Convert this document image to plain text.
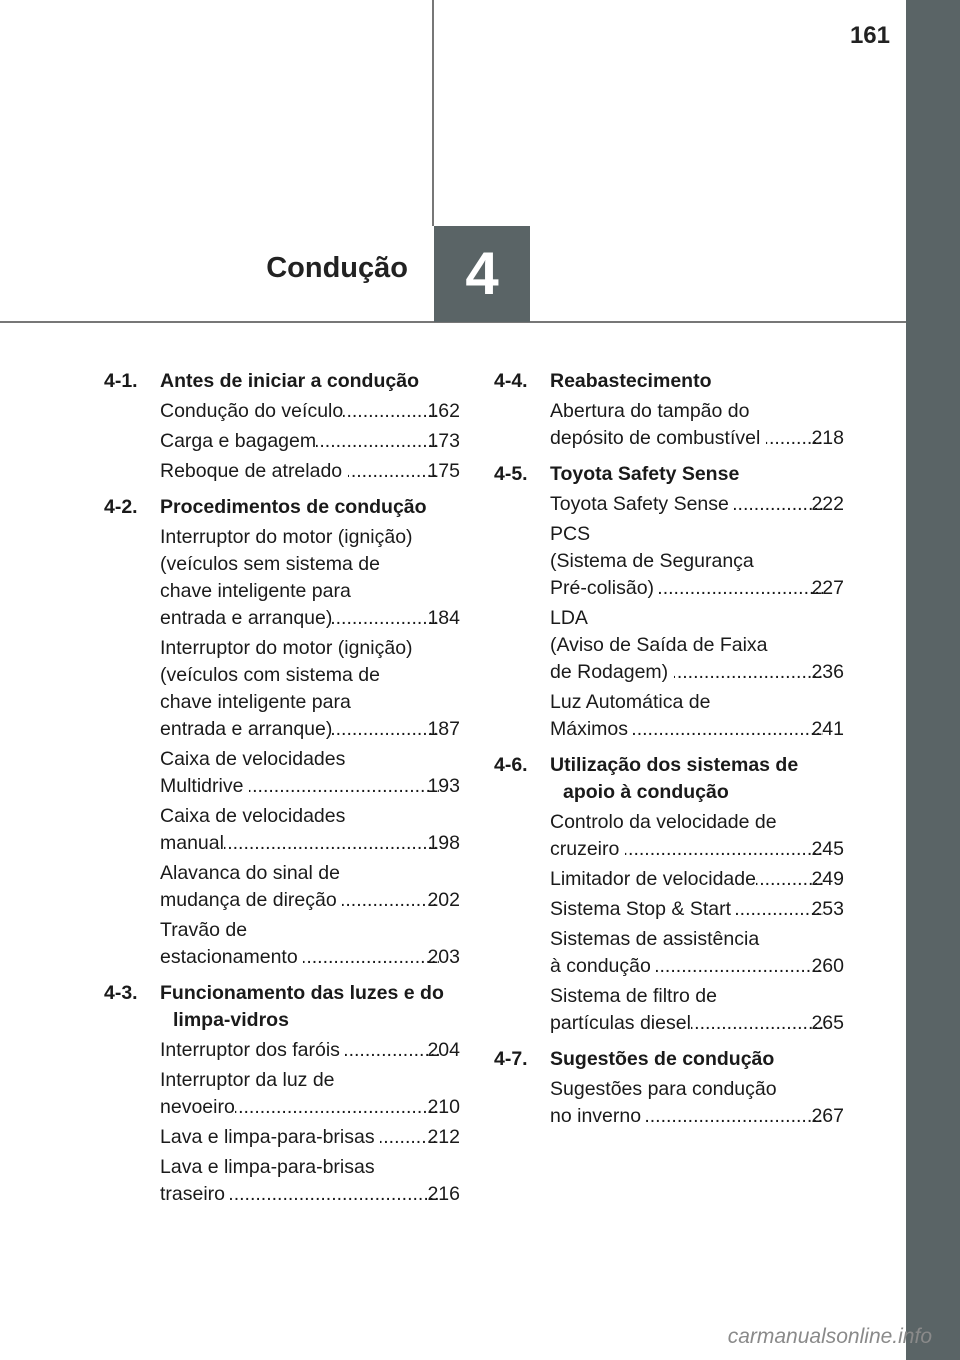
161
Condução 4
4-1. Antes de iniciar a condução
Condução do veículo .....	162
Carga e bagagem .....	173
Reboque de atrelado .....	175
4-2. Procedimentos de condução
Interruptor do motor (ignição)
(veículos sem sistema de
chave inteligente para
entrada e arranque) .....	184
Interruptor do motor (ignição)
(veículos com sistema de
chave inteligente para
entrada e arranque) .....	187
Caixa de velocidades
Multidrive .....	193
Caixa de velocidades
manual .....	198
Alavanca do sinal de
mudança de direção .....	202
Travão de
estacionamento .....	203
4-3. Funcionamento das luzes e do limpa-vidros
Interruptor dos faróis .....	204
Interruptor da luz de
nevoeiro .....	210
Lava e limpa-para-brisas ..... 212
Lava e limpa-para-brisas
traseiro .....	216
4-4. Reabastecimento
Abertura do tampão do
depósito de combustível ..... 218
4-5. Toyota Safety Sense
Toyota Safety Sense .....	222
PCS
(Sistema de Segurança
Pré-colisão) .....	227
LDA
(Aviso de Saída de Faixa
de Rodagem) .....	236
Luz Automática de
Máximos .....	241
4-6. Utilização dos sistemas de apoio à condução
Controlo da velocidade de
cruzeiro .....	245
Limitador de velocidade .....	249
Sistema Stop & Start .....	253
Sistemas de assistência
à condução .....	260
Sistema de filtro de
partículas diesel .....	265
4-7. Sugestões de condução
Sugestões para condução
no inverno .....	267
carmanualsonline.info
